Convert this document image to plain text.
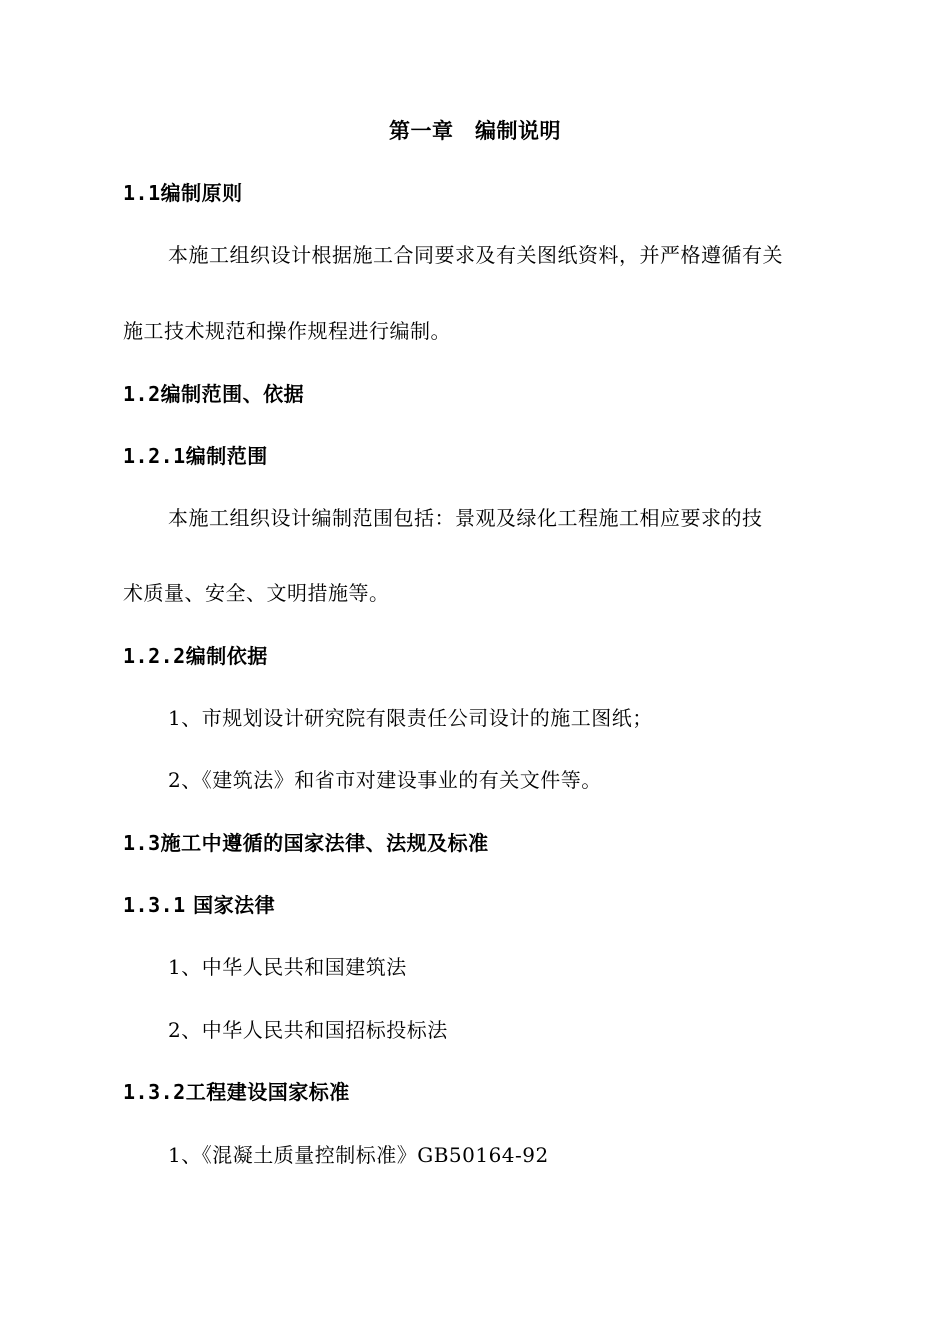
第一章　编制说明
1.1编制原则
本施工组织设计根据施工合同要求及有关图纸资料，并严格遵循有关
施工技术规范和操作规程进行编制。
1.2编制范围、依据
1.2.1编制范围
本施工组织设计编制范围包括：景观及绿化工程施工相应要求的技
术质量、安全、文明措施等。
1.2.2编制依据
1、市规划设计研究院有限责任公司设计的施工图纸；
2、《建筑法》和省市对建设事业的有关文件等。
1.3施工中遵循的国家法律、法规及标准
1.3.1 国家法律
1、中华人民共和国建筑法
2、中华人民共和国招标投标法
1.3.2工程建设国家标准
1、《混凝土质量控制标准》GB50164-92
